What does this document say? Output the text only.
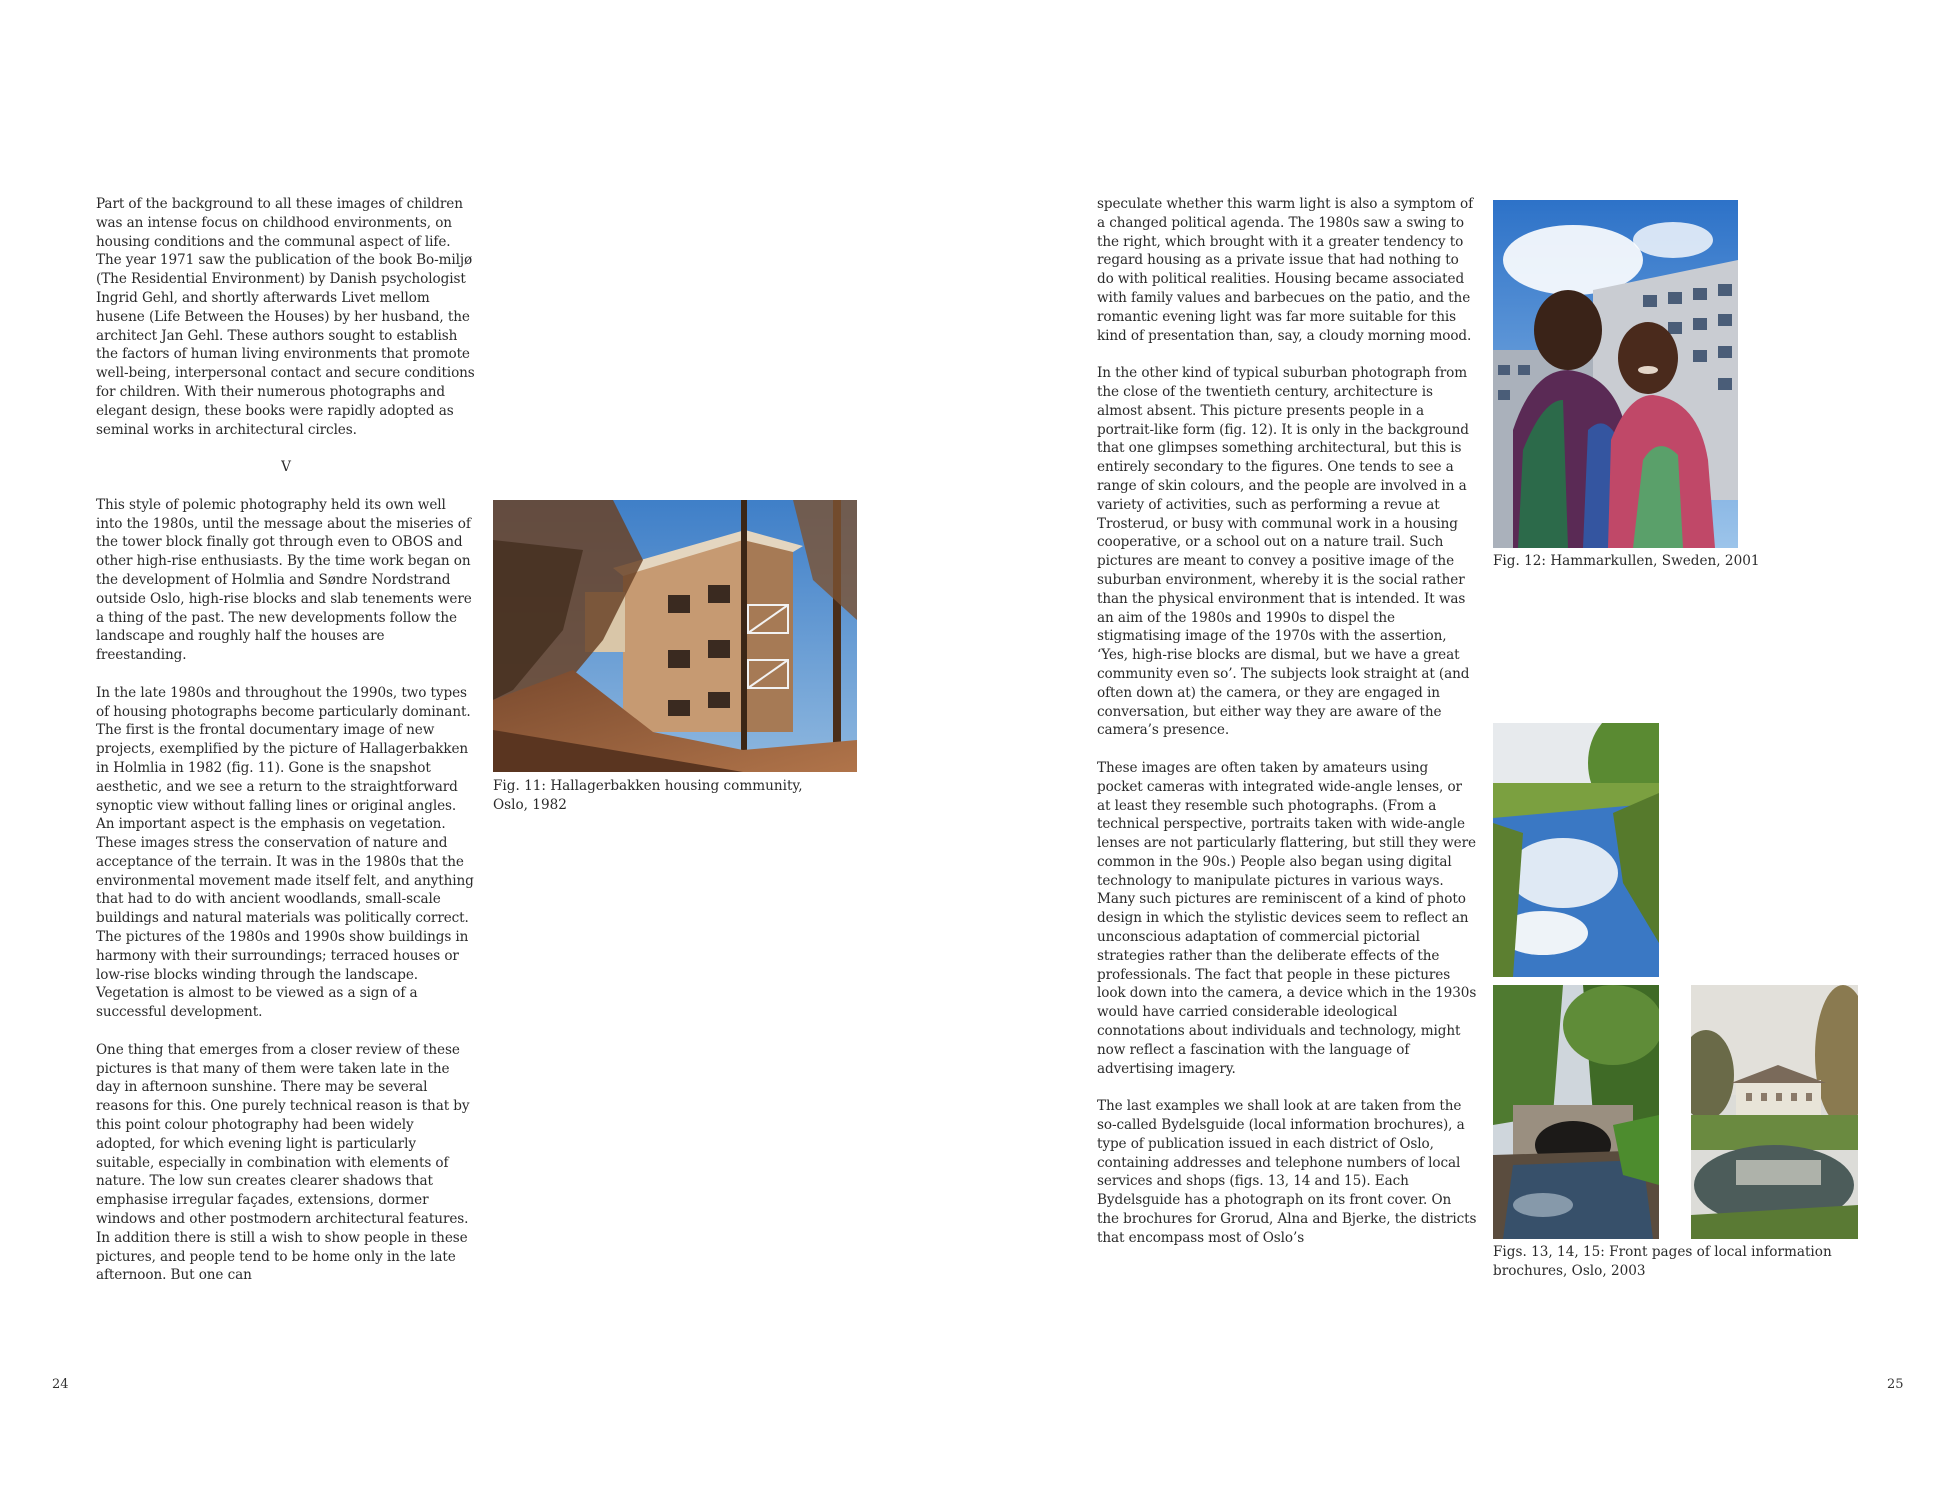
Part of the background to all these images of children was an intense focus on childhood environments, on housing conditions and the communal aspect of life. The year 1971 saw the publication of the book Bo-miljø (The Residential Environment) by Danish psychologist Ingrid Gehl, and shortly afterwards Livet mellom husene (Life Between the Houses) by her husband, the architect Jan Gehl. These authors sought to establish the factors of human living environments that promote well-being, interpersonal contact and secure conditions for children. With their numerous photographs and elegant design, these books were rapidly adopted as seminal works in architectural circles.

V

This style of polemic photography held its own well into the 1980s, until the message about the miseries of the tower block finally got through even to OBOS and other high-rise enthusiasts. By the time work began on the development of Holmlia and Søndre Nordstrand outside Oslo, high-rise blocks and slab tenements were a thing of the past. The new developments follow the landscape and roughly half the houses are freestanding.

In the late 1980s and throughout the 1990s, two types of housing photographs become particularly dominant. The first is the frontal documentary image of new projects, exemplified by the picture of Hallagerbakken in Holmlia in 1982 (fig. 11). Gone is the snapshot aesthetic, and we see a return to the straightforward synoptic view without falling lines or original angles. An important aspect is the emphasis on vegetation. These images stress the conservation of nature and acceptance of the terrain. It was in the 1980s that the environmental movement made itself felt, and anything that had to do with ancient woodlands, small-scale buildings and natural materials was politically correct. The pictures of the 1980s and 1990s show buildings in harmony with their surroundings; terraced houses or low-rise blocks winding through the landscape. Vegetation is almost to be viewed as a sign of a successful development.

One thing that emerges from a closer review of these pictures is that many of them were taken late in the day in afternoon sunshine. There may be several reasons for this. One purely technical reason is that by this point colour photography had been widely adopted, for which evening light is particularly suitable, especially in combination with elements of nature. The low sun creates clearer shadows that emphasise irregular façades, extensions, dormer windows and other postmodern architectural features. In addition there is still a wish to show people in these pictures, and people tend to be home only in the late afternoon. But one can

Fig. 11: Hallagerbakken housing community, Oslo, 1982
24

speculate whether this warm light is also a symptom of a changed political agenda. The 1980s saw a swing to the right, which brought with it a greater tendency to regard housing as a private issue that had nothing to do with political realities. Housing became associated with family values and barbecues on the patio, and the romantic evening light was far more suitable for this kind of presentation than, say, a cloudy morning mood.

In the other kind of typical suburban photograph from the close of the twentieth century, architecture is almost absent. This picture presents people in a portrait-like form (fig. 12). It is only in the background that one glimpses something architectural, but this is entirely secondary to the figures. One tends to see a range of skin colours, and the people are involved in a variety of activities, such as performing a revue at Trosterud, or busy with communal work in a housing cooperative, or a school out on a nature trail. Such pictures are meant to convey a positive image of the suburban environment, whereby it is the social rather than the physical environment that is intended. It was an aim of the 1980s and 1990s to dispel the stigmatising image of the 1970s with the assertion, ‘Yes, high-rise blocks are dismal, but we have a great community even so’. The subjects look straight at (and often down at) the camera, or they are engaged in conversation, but either way they are aware of the camera’s presence.

These images are often taken by amateurs using pocket cameras with integrated wide-angle lenses, or at least they resemble such photographs. (From a technical perspective, portraits taken with wide-angle lenses are not particularly flattering, but still they were common in the 90s.) People also began using digital technology to manipulate pictures in various ways. Many such pictures are reminiscent of a kind of photo design in which the stylistic devices seem to reflect an unconscious adaptation of commercial pictorial strategies rather than the deliberate effects of the professionals. The fact that people in these pictures look down into the camera, a device which in the 1930s would have carried considerable ideological connotations about individuals and technology, might now reflect a fascination with the language of advertising imagery.

The last examples we shall look at are taken from the so-called Bydelsguide (local information brochures), a type of publication issued in each district of Oslo, containing addresses and telephone numbers of local services and shops (figs. 13, 14 and 15). Each Bydelsguide has a photograph on its front cover. On the brochures for Grorud, Alna and Bjerke, the districts that encompass most of Oslo’s

Fig. 12: Hammarkullen, Sweden, 2001
Figs. 13, 14, 15: Front pages of local information
brochures, Oslo, 2003
25
